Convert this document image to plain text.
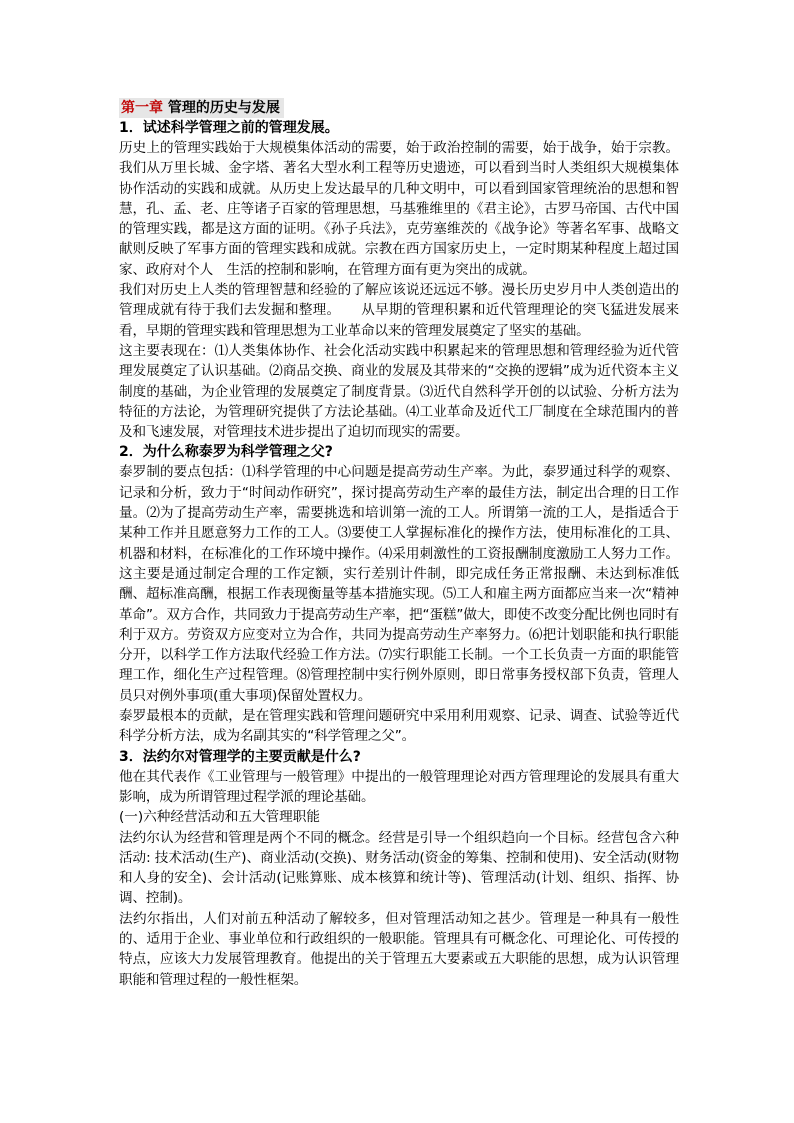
第一章 管理的历史与发展

1．试述科学管理之前的管理发展。

历史上的管理实践始于大规模集体活动的需要，始于政治控制的需要，始于战争，始于宗教。我们从万里长城、金字塔、著名大型水利工程等历史遗迹，可以看到当时人类组织大规模集体协作活动的实践和成就。从历史上发达最早的几种文明中，可以看到国家管理统治的思想和智慧，孔、孟、老、庄等诸子百家的管理思想，马基雅维里的《君主论》，古罗马帝国、古代中国的管理实践，都是这方面的证明。《孙子兵法》，克劳塞维茨的《战争论》等著名军事、战略文献则反映了军事方面的管理实践和成就。宗教在西方国家历史上，一定时期某种程度上超过国家、政府对个人　生活的控制和影响，在管理方面有更为突出的成就。

我们对历史上人类的管理智慧和经验的了解应该说还远远不够。漫长历史岁月中人类创造出的管理成就有待于我们去发掘和整理。　　从早期的管理积累和近代管理理论的突飞猛进发展来看，早期的管理实践和管理思想为工业革命以来的管理发展奠定了坚实的基础。

这主要表现在：⑴人类集体协作、社会化活动实践中积累起来的管理思想和管理经验为近代管理发展奠定了认识基础。⑵商品交换、商业的发展及其带来的“交换的逻辑”成为近代资本主义制度的基础，为企业管理的发展奠定了制度背景。⑶近代自然科学开创的以试验、分析方法为特征的方法论，为管理研究提供了方法论基础。⑷工业革命及近代工厂制度在全球范围内的普及和飞速发展，对管理技术进步提出了迫切而现实的需要。

2．为什么称泰罗为科学管理之父?

泰罗制的要点包括：⑴科学管理的中心问题是提高劳动生产率。为此，泰罗通过科学的观察、记录和分析，致力于“时间动作研究”，探讨提高劳动生产率的最佳方法，制定出合理的日工作量。⑵为了提高劳动生产率，需要挑选和培训第一流的工人。所谓第一流的工人，是指适合于某种工作并且愿意努力工作的工人。⑶要使工人掌握标准化的操作方法，使用标准化的工具、机器和材料，在标准化的工作环境中操作。⑷采用刺激性的工资报酬制度激励工人努力工作。这主要是通过制定合理的工作定额，实行差别计件制，即完成任务正常报酬、未达到标准低酬、超标准高酬，根据工作表现衡量等基本措施实现。⑸工人和雇主两方面都应当来一次“精神革命”。双方合作，共同致力于提高劳动生产率，把“蛋糕”做大，即使不改变分配比例也同时有利于双方。劳资双方应变对立为合作，共同为提高劳动生产率努力。⑹把计划职能和执行职能分开，以科学工作方法取代经验工作方法。⑺实行职能工长制。一个工长负责一方面的职能管理工作，细化生产过程管理。⑻管理控制中实行例外原则，即日常事务授权部下负责，管理人员只对例外事项(重大事项)保留处置权力。

泰罗最根本的贡献，是在管理实践和管理问题研究中采用利用观察、记录、调查、试验等近代科学分析方法，成为名副其实的“科学管理之父”。

3．法约尔对管理学的主要贡献是什么?

他在其代表作《工业管理与一般管理》中提出的一般管理理论对西方管理理论的发展具有重大影响，成为所谓管理过程学派的理论基础。

(一)六种经营活动和五大管理职能

法约尔认为经营和管理是两个不同的概念。经营是引导一个组织趋向一个目标。经营包含六种活动: 技术活动(生产)、商业活动(交换)、财务活动(资金的筹集、控制和使用)、安全活动(财物和人身的安全)、会计活动(记账算账、成本核算和统计等)、管理活动(计划、组织、指挥、协调、控制)。

法约尔指出，人们对前五种活动了解较多，但对管理活动知之甚少。管理是一种具有一般性的、适用于企业、事业单位和行政组织的一般职能。管理具有可概念化、可理论化、可传授的特点，应该大力发展管理教育。他提出的关于管理五大要素或五大职能的思想，成为认识管理职能和管理过程的一般性框架。
